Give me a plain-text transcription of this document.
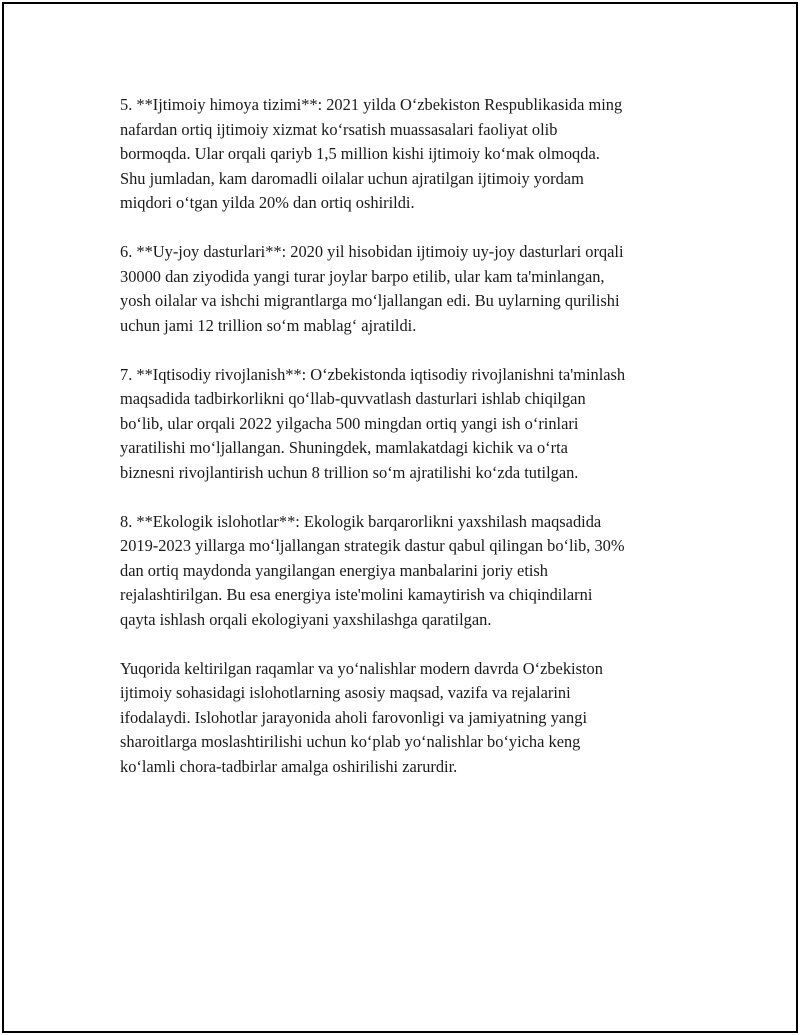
5. **Ijtimoiy himoya tizimi**: 2021 yilda O‘zbekiston Respublikasida ming
nafardan ortiq ijtimoiy xizmat ko‘rsatish muassasalari faoliyat olib
bormoqda. Ular orqali qariyb 1,5 million kishi ijtimoiy ko‘mak olmoqda.
Shu jumladan, kam daromadli oilalar uchun ajratilgan ijtimoiy yordam
miqdori o‘tgan yilda 20% dan ortiq oshirildi.

6. **Uy-joy dasturlari**: 2020 yil hisobidan ijtimoiy uy-joy dasturlari orqali
30000 dan ziyodida yangi turar joylar barpo etilib, ular kam ta'minlangan,
yosh oilalar va ishchi migrantlarga mo‘ljallangan edi. Bu uylarning qurilishi
uchun jami 12 trillion so‘m mablag‘ ajratildi.

7. **Iqtisodiy rivojlanish**: O‘zbekistonda iqtisodiy rivojlanishni ta'minlash
maqsadida tadbirkorlikni qo‘llab-quvvatlash dasturlari ishlab chiqilgan
bo‘lib, ular orqali 2022 yilgacha 500 mingdan ortiq yangi ish o‘rinlari
yaratilishi mo‘ljallangan. Shuningdek, mamlakatdagi kichik va o‘rta
biznesni rivojlantirish uchun 8 trillion so‘m ajratilishi ko‘zda tutilgan.

8. **Ekologik islohotlar**: Ekologik barqarorlikni yaxshilash maqsadida
2019-2023 yillarga mo‘ljallangan strategik dastur qabul qilingan bo‘lib, 30%
dan ortiq maydonda yangilangan energiya manbalarini joriy etish
rejalashtirilgan. Bu esa energiya iste'molini kamaytirish va chiqindilarni
qayta ishlash orqali ekologiyani yaxshilashga qaratilgan.

Yuqorida keltirilgan raqamlar va yo‘nalishlar modern davrda O‘zbekiston
ijtimoiy sohasidagi islohotlarning asosiy maqsad, vazifa va rejalarini
ifodalaydi. Islohotlar jarayonida aholi farovonligi va jamiyatning yangi
sharoitlarga moslashtirilishi uchun ko‘plab yo‘nalishlar bo‘yicha keng
ko‘lamli chora-tadbirlar amalga oshirilishi zarurdir.
